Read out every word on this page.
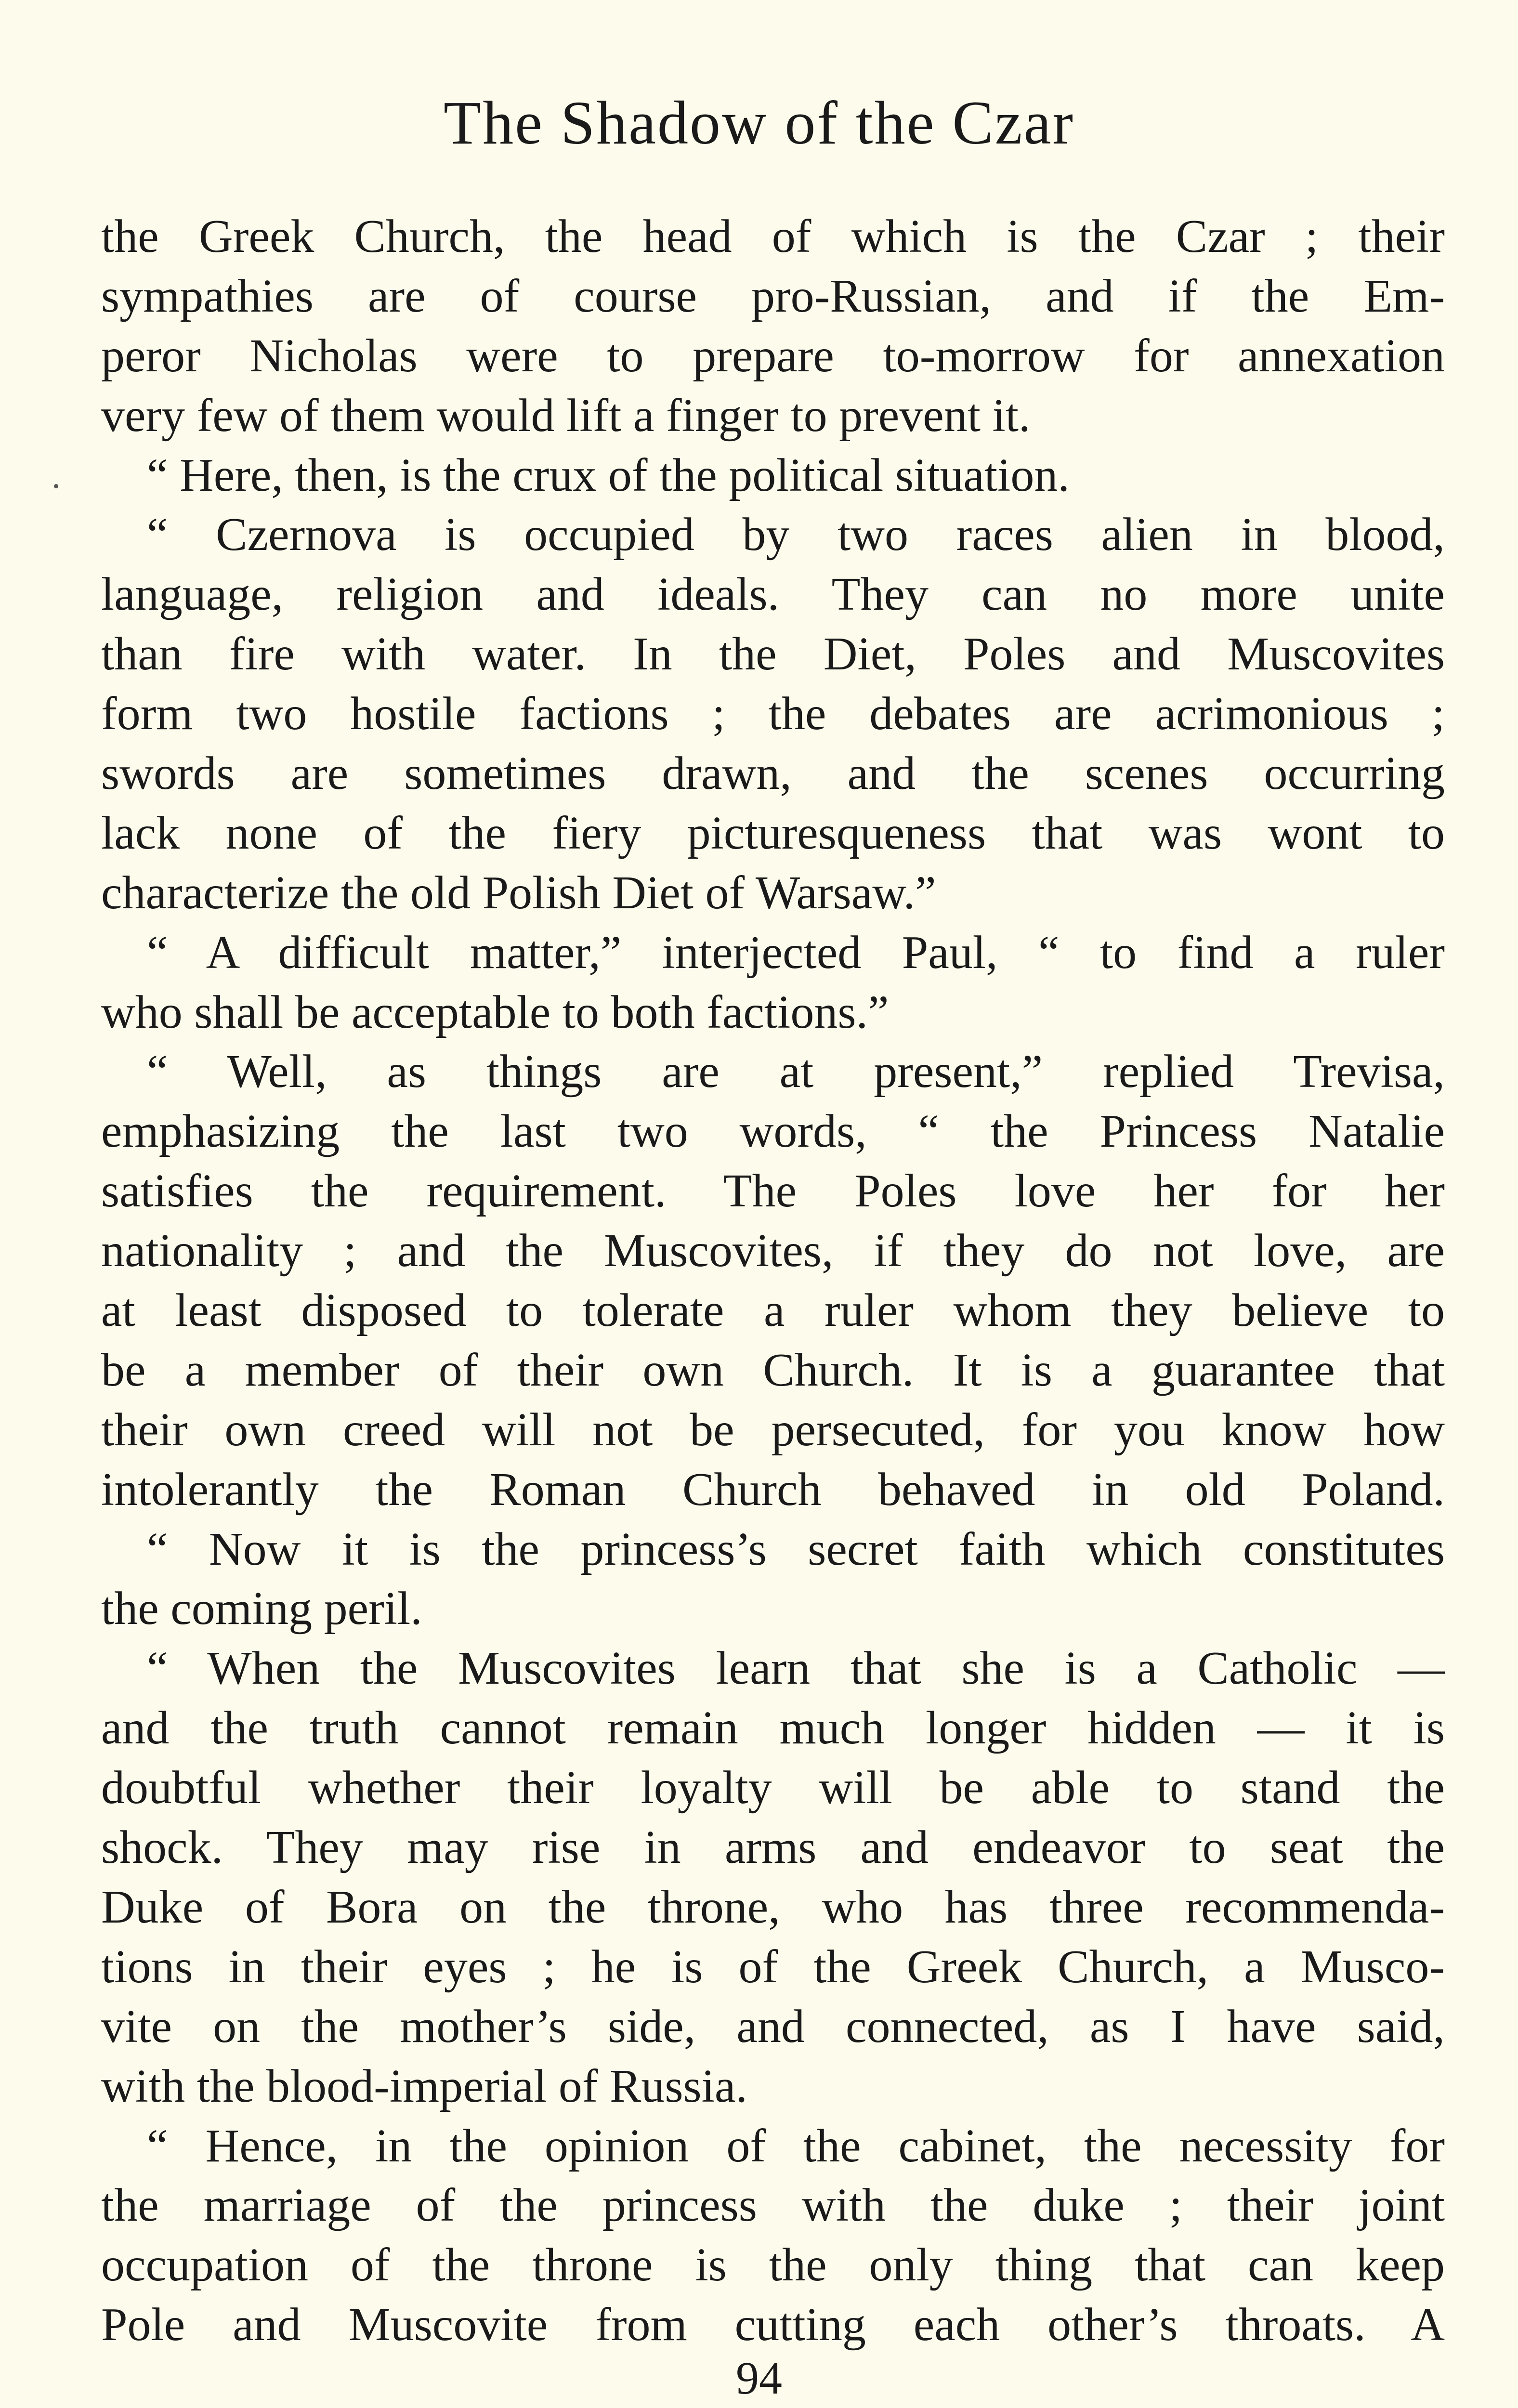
The Shadow of the Czar
the Greek Church, the head of which is the Czar ; their
sympathies are of course pro-Russian, and if the Em-
peror Nicholas were to prepare to-morrow for annexation
very few of them would lift a finger to prevent it.
“ Here, then, is the crux of the political situation.
“ Czernova is occupied by two races alien in blood,
language, religion and ideals. They can no more unite
than fire with water. In the Diet, Poles and Muscovites
form two hostile factions ; the debates are acrimonious ;
swords are sometimes drawn, and the scenes occurring
lack none of the fiery picturesqueness that was wont to
characterize the old Polish Diet of Warsaw.”
“ A difficult matter,” interjected Paul, “ to find a ruler
who shall be acceptable to both factions.”
“ Well, as things are at present,” replied Trevisa,
emphasizing the last two words, “ the Princess Natalie
satisfies the requirement. The Poles love her for her
nationality ; and the Muscovites, if they do not love, are
at least disposed to tolerate a ruler whom they believe to
be a member of their own Church. It is a guarantee that
their own creed will not be persecuted, for you know how
intolerantly the Roman Church behaved in old Poland.
“ Now it is the princess’s secret faith which constitutes
the coming peril.
“ When the Muscovites learn that she is a Catholic —
and the truth cannot remain much longer hidden — it is
doubtful whether their loyalty will be able to stand the
shock. They may rise in arms and endeavor to seat the
Duke of Bora on the throne, who has three recommenda-
tions in their eyes ; he is of the Greek Church, a Musco-
vite on the mother’s side, and connected, as I have said,
with the blood-imperial of Russia.
“ Hence, in the opinion of the cabinet, the necessity for
the marriage of the princess with the duke ; their joint
occupation of the throne is the only thing that can keep
Pole and Muscovite from cutting each other’s throats. A
94
